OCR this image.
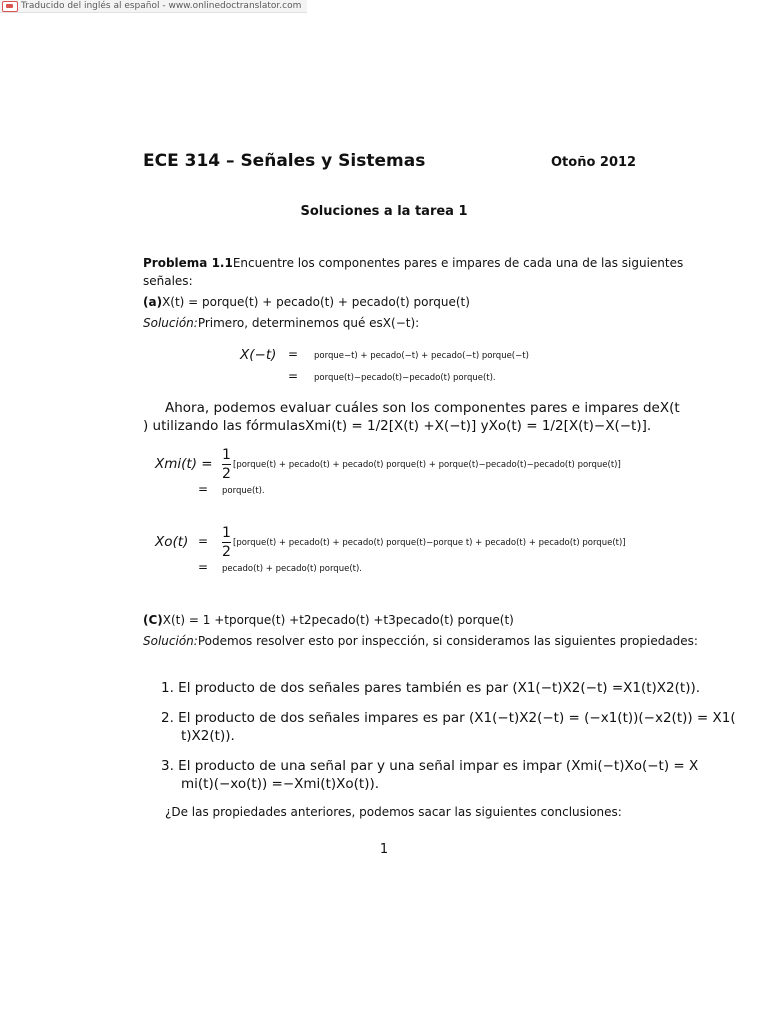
Traducido del inglés al español - www.onlinedoctranslator.com
ECE 314 – Señales y Sistemas	Otoño 2012
Soluciones a la tarea 1
Problema 1.1Encuentre los componentes pares e impares de cada una de las siguientes
señales:
(a)X(t) = porque(t) + pecado(t) + pecado(t) porque(t)
Solución:Primero, determinemos qué esX(−t):
X(−t) = porque−t) + pecado(−t) + pecado(−t) porque(−t)
= porque(t)−pecado(t)−pecado(t) porque(t).
Ahora, podemos evaluar cuáles son los componentes pares e impares deX(t
) utilizando las fórmulasXmi(t) = 1/2[X(t) +X(−t)] yXo(t) = 1/2[X(t)−X(−t)].
Xmi(t) =
1
2
[porque(t) + pecado(t) + pecado(t) porque(t) + porque(t)−pecado(t)−pecado(t) porque(t)]
= porque(t).
Xo(t) = 1
2
[porque(t) + pecado(t) + pecado(t) porque(t)−porque t) + pecado(t) + pecado(t) porque(t)]
= pecado(t) + pecado(t) porque(t).
(C)X(t) = 1 +tporque(t) +t2pecado(t) +t3pecado(t) porque(t)
Solución:Podemos resolver esto por inspección, si consideramos las siguientes propiedades:
1. El producto de dos señales pares también es par (X1(−t)X2(−t) =X1(t)X2(t)).
2. El producto de dos señales impares es par (X1(−t)X2(−t) = (−x1(t))(−x2(t)) = X1(
t)X2(t)).
3. El producto de una señal par y una señal impar es impar (Xmi(−t)Xo(−t) = X
mi(t)(−xo(t)) =−Xmi(t)Xo(t)).
¿De las propiedades anteriores, podemos sacar las siguientes conclusiones:
1
